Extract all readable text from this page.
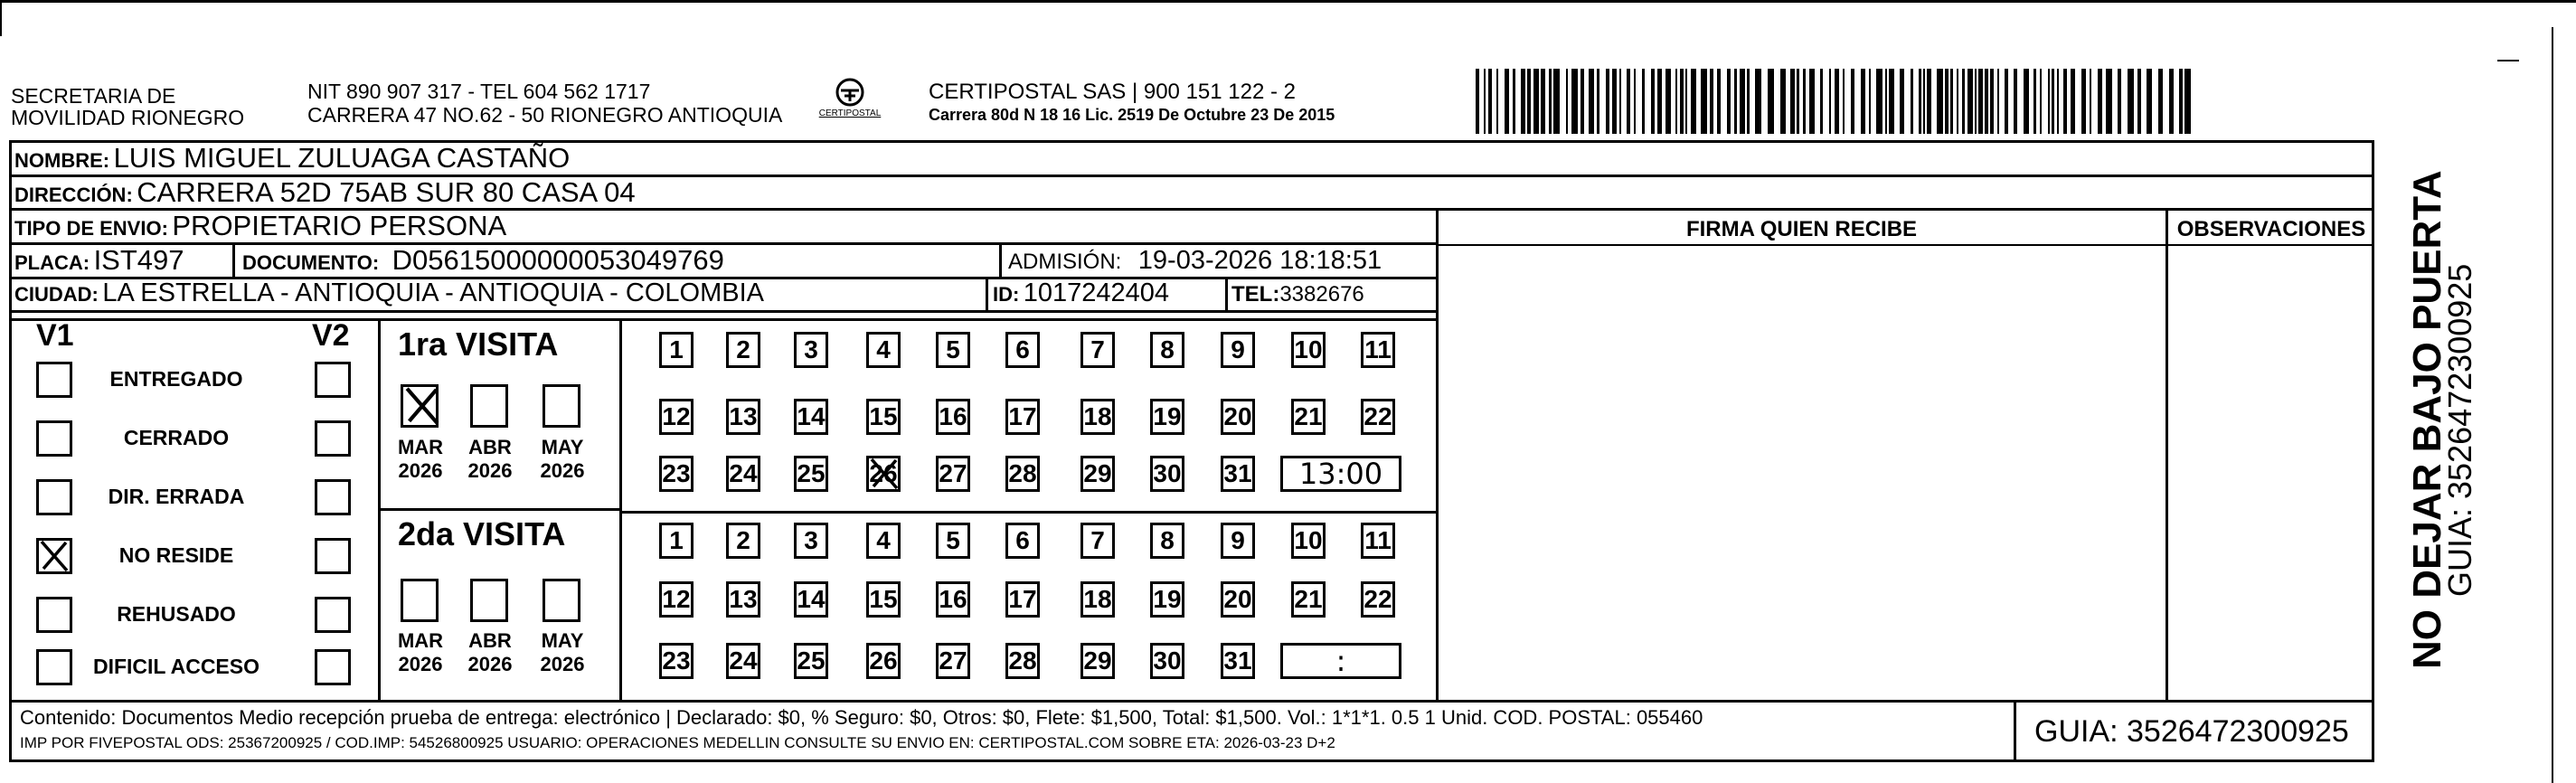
SECRETARIA DE
MOVILIDAD RIONEGRO
NIT 890 907 317 - TEL 604 562 1717
CARRERA 47 NO.62 - 50 RIONEGRO ANTIOQUIA	CERTIPOSTAL
CERTIPOSTAL SAS | 900 151 122 - 2
Carrera 80d N 18 16 Lic. 2519 De Octubre 23 De 2015
NOMBRE: LUIS MIGUEL ZULUAGA CASTAÑO
DIRECCIÓN: CARRERA 52D 75AB SUR 80 CASA 04
TIPO DE ENVIO: PROPIETARIO PERSONA
PLACA: IST497	DOCUMENTO: D05615000000053049769	ADMISIÓN: 19-03-2026 18:18:51
CIUDAD: LA ESTRELLA - ANTIOQUIA - ANTIOQUIA - COLOMBIA	ID: 1017242404	TEL:3382676
FIRMA QUIEN RECIBE	OBSERVACIONES
V1	V2
ENTREGADO
CERRADO
DIR. ERRADA
NO RESIDE
REHUSADO
DIFICIL ACCESO
1ra VISITA
2da VISITA
MAR
2026
ABR
2026
MAY
2026
MAR
2026
ABR
2026
MAY
2026
1	2	3	4	5	6	7	8	9	10 11
12 13 14 15 16 17 18 19 20 21 22
23 24 25 26 27 28 29 30 31	13:00
1	2	3	4	5	6	7	8	9	10 11
12 13 14 15 16 17 18 19 20 21 22
23 24 25 26 27 28 29 30 31	:
Contenido: Documentos Medio recepción prueba de entrega: electrónico | Declarado: $0, % Seguro: $0, Otros: $0, Flete: $1,500, Total: $1,500. Vol.: 1*1*1. 0.5 1 Unid. COD. POSTAL: 055460
IMP POR FIVEPOSTAL ODS: 25367200925 / COD.IMP: 54526800925 USUARIO: OPERACIONES MEDELLIN CONSULTE SU ENVIO EN: CERTIPOSTAL.COM SOBRE ETA: 2026-03-23 D+2	GUIA: 3526472300925
NO DEJAR BAJO PUERTA
GUIA: 3526472300925
